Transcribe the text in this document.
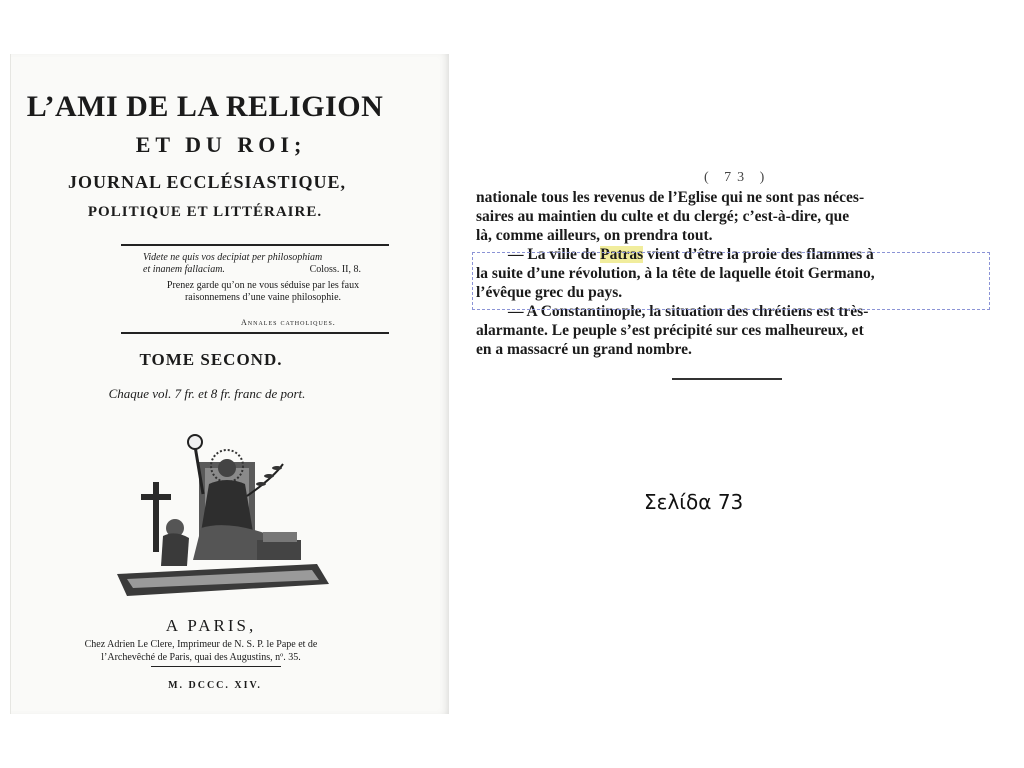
L’AMI DE LA RELIGION
ET DU ROI;
JOURNAL ECCLÉSIASTIQUE,
POLITIQUE ET LITTÉRAIRE.
Videte ne quis vos decipiat per philosophiam
et inanem fallaciam.	Coloss. II, 8.
Prenez garde qu’on ne vous séduise par les faux
raisonnemens d’une vaine philosophie.
Annales catholiques.
TOME SECOND.
Chaque vol. 7 fr. et 8 fr. franc de port.
A PARIS,
Chez Adrien Le Clere, Imprimeur de N. S. P. le Pape et de
l’Archevêché de Paris, quai des Augustins, nº. 35.
M. DCCC. XIV.
( 73 )
nationale tous les revenus de l’Eglise qui ne sont pas néces-
saires au maintien du culte et du clergé; c’est-à-dire, que
là, comme ailleurs, on prendra tout.
— La ville de Patras vient d’être la proie des flammes à
la suite d’une révolution, à la tête de laquelle étoit Germano,
l’évêque grec du pays.
— A Constantinople, la situation des chrétiens est très-
alarmante. Le peuple s’est précipité sur ces malheureux, et
en a massacré un grand nombre.
Σελίδα 73
